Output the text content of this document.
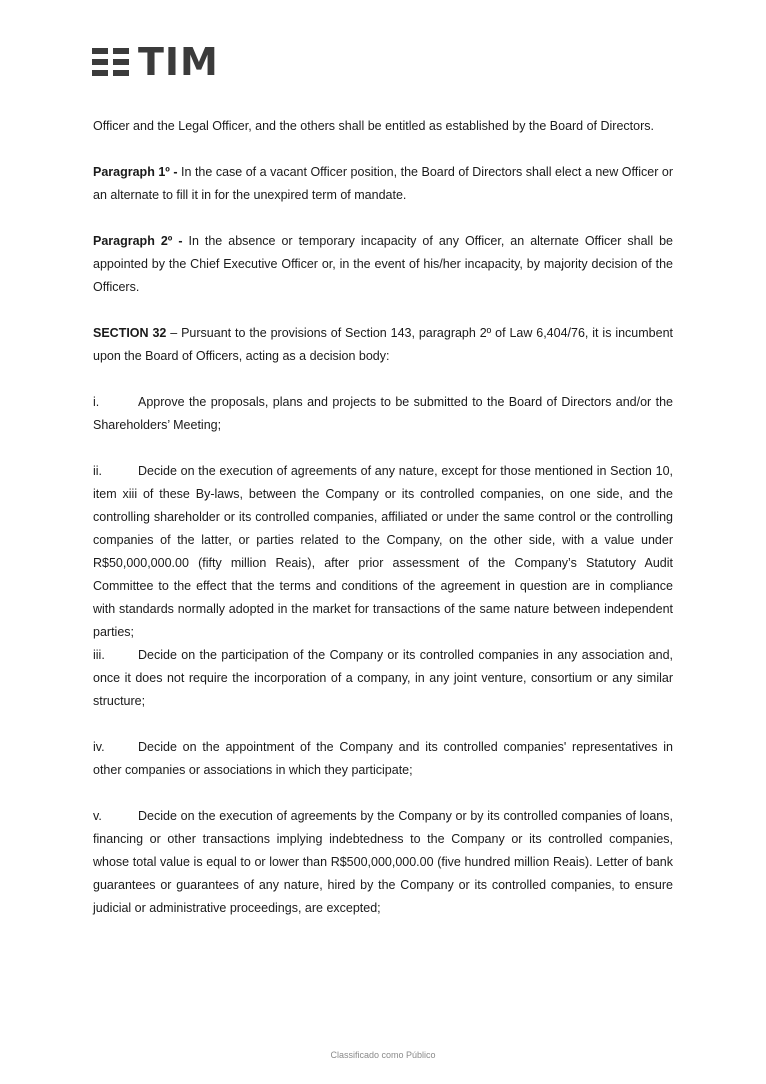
TIM

Officer and the Legal Officer, and the others shall be entitled as established by the Board of Directors.

Paragraph 1º - In the case of a vacant Officer position, the Board of Directors shall elect a new Officer or an alternate to fill it in for the unexpired term of mandate.

Paragraph 2º - In the absence or temporary incapacity of any Officer, an alternate Officer shall be appointed by the Chief Executive Officer or, in the event of his/her incapacity, by majority decision of the Officers.

SECTION 32 – Pursuant to the provisions of Section 143, paragraph 2º of Law 6,404/76, it is incumbent upon the Board of Officers, acting as a decision body:

i.	Approve the proposals, plans and projects to be submitted to the Board of Directors and/or the Shareholders’ Meeting;

ii.	Decide on the execution of agreements of any nature, except for those mentioned in Section 10, item xiii of these By-laws, between the Company or its controlled companies, on one side, and the controlling shareholder or its controlled companies, affiliated or under the same control or the controlling companies of the latter, or parties related to the Company, on the other side, with a value under R$50,000,000.00 (fifty million Reais), after prior assessment of the Company’s Statutory Audit Committee to the effect that the terms and conditions of the agreement in question are in compliance with standards normally adopted in the market for transactions of the same nature between independent parties;

iii.	Decide on the participation of the Company or its controlled companies in any association and, once it does not require the incorporation of a company, in any joint venture, consortium or any similar structure;

iv.	Decide on the appointment of the Company and its controlled companies' representatives in other companies or associations in which they participate;

v.	Decide on the execution of agreements by the Company or by its controlled companies of loans, financing or other transactions implying indebtedness to the Company or its controlled companies, whose total value is equal to or lower than R$500,000,000.00 (five hundred million Reais). Letter of bank guarantees or guarantees of any nature, hired by the Company or its controlled companies, to ensure judicial or administrative proceedings, are excepted;

Classificado como Público
